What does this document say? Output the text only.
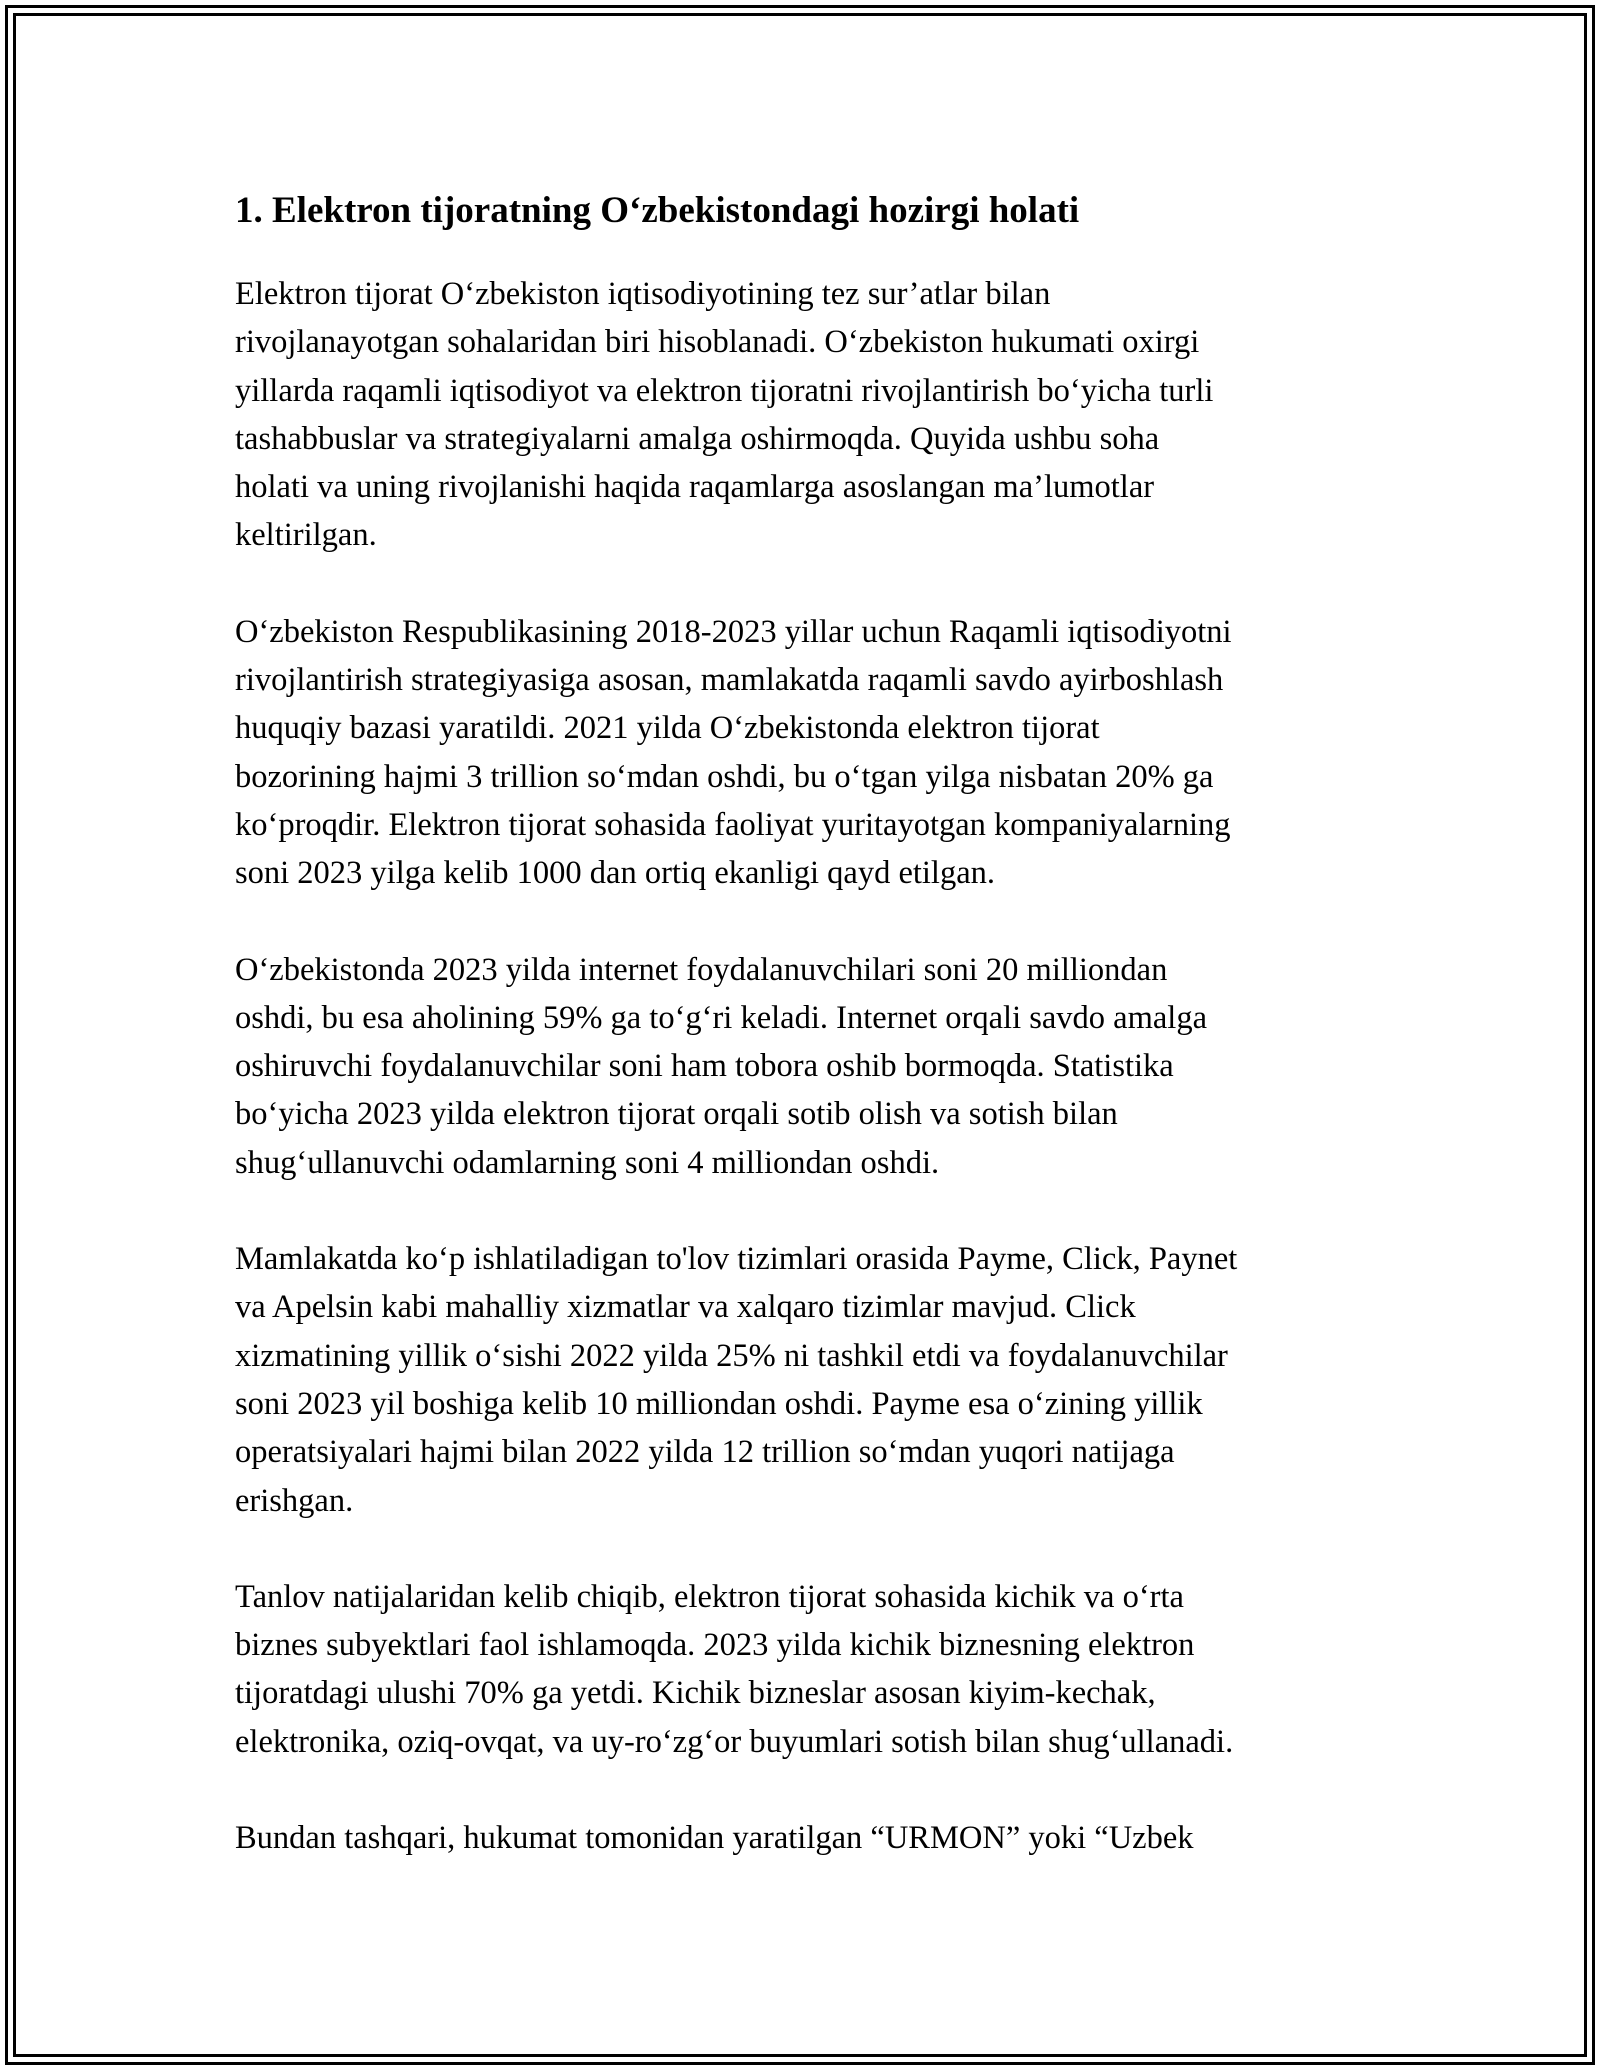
1. Elektron tijoratning O‘zbekistondagi hozirgi holati

Elektron tijorat O‘zbekiston iqtisodiyotining tez sur’atlar bilan
rivojlanayotgan sohalaridan biri hisoblanadi. O‘zbekiston hukumati oxirgi
yillarda raqamli iqtisodiyot va elektron tijoratni rivojlantirish bo‘yicha turli
tashabbuslar va strategiyalarni amalga oshirmoqda. Quyida ushbu soha
holati va uning rivojlanishi haqida raqamlarga asoslangan ma’lumotlar
keltirilgan.

O‘zbekiston Respublikasining 2018-2023 yillar uchun Raqamli iqtisodiyotni
rivojlantirish strategiyasiga asosan, mamlakatda raqamli savdo ayirboshlash
huquqiy bazasi yaratildi. 2021 yilda O‘zbekistonda elektron tijorat
bozorining hajmi 3 trillion so‘mdan oshdi, bu o‘tgan yilga nisbatan 20% ga
ko‘proqdir. Elektron tijorat sohasida faoliyat yuritayotgan kompaniyalarning
soni 2023 yilga kelib 1000 dan ortiq ekanligi qayd etilgan.

O‘zbekistonda 2023 yilda internet foydalanuvchilari soni 20 milliondan
oshdi, bu esa aholining 59% ga to‘g‘ri keladi. Internet orqali savdo amalga
oshiruvchi foydalanuvchilar soni ham tobora oshib bormoqda. Statistika
bo‘yicha 2023 yilda elektron tijorat orqali sotib olish va sotish bilan
shug‘ullanuvchi odamlarning soni 4 milliondan oshdi.

Mamlakatda ko‘p ishlatiladigan to'lov tizimlari orasida Payme, Click, Paynet
va Apelsin kabi mahalliy xizmatlar va xalqaro tizimlar mavjud. Click
xizmatining yillik o‘sishi 2022 yilda 25% ni tashkil etdi va foydalanuvchilar
soni 2023 yil boshiga kelib 10 milliondan oshdi. Payme esa o‘zining yillik
operatsiyalari hajmi bilan 2022 yilda 12 trillion so‘mdan yuqori natijaga
erishgan.

Tanlov natijalaridan kelib chiqib, elektron tijorat sohasida kichik va o‘rta
biznes subyektlari faol ishlamoqda. 2023 yilda kichik biznesning elektron
tijoratdagi ulushi 70% ga yetdi. Kichik bizneslar asosan kiyim-kechak,
elektronika, oziq-ovqat, va uy-ro‘zg‘or buyumlari sotish bilan shug‘ullanadi.

Bundan tashqari, hukumat tomonidan yaratilgan “URMON” yoki “Uzbek
